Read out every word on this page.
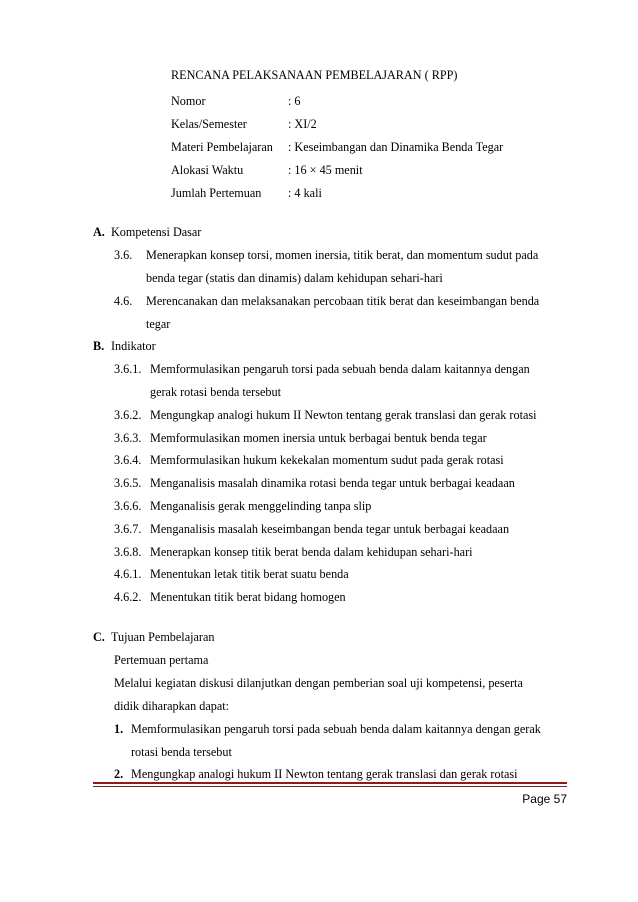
RENCANA PELAKSANAAN PEMBELAJARAN ( RPP)
Nomor	: 6
Kelas/Semester	: XI/2
Materi Pembelajaran : Keseimbangan dan Dinamika Benda Tegar
Alokasi Waktu	: 16 × 45 menit
Jumlah Pertemuan : 4 kali
A. Kompetensi Dasar
3.6. Menerapkan konsep torsi, momen inersia, titik berat, dan momentum sudut pada
benda tegar (statis dan dinamis) dalam kehidupan sehari-hari
4.6. Merencanakan dan melaksanakan percobaan titik berat dan keseimbangan benda
tegar
B. Indikator
3.6.1. Memformulasikan pengaruh torsi pada sebuah benda dalam kaitannya dengan
gerak rotasi benda tersebut
3.6.2. Mengungkap analogi hukum II Newton tentang gerak translasi dan gerak rotasi
3.6.3. Memformulasikan momen inersia untuk berbagai bentuk benda tegar
3.6.4. Memformulasikan hukum kekekalan momentum sudut pada gerak rotasi
3.6.5. Menganalisis masalah dinamika rotasi benda tegar untuk berbagai keadaan
3.6.6. Menganalisis gerak menggelinding tanpa slip
3.6.7. Menganalisis masalah keseimbangan benda tegar untuk berbagai keadaan
3.6.8. Menerapkan konsep titik berat benda dalam kehidupan sehari-hari
4.6.1. Menentukan letak titik berat suatu benda
4.6.2. Menentukan titik berat bidang homogen
C. Tujuan Pembelajaran
Pertemuan pertama
Melalui kegiatan diskusi dilanjutkan dengan pemberian soal uji kompetensi, peserta
didik diharapkan dapat:
1. Memformulasikan pengaruh torsi pada sebuah benda dalam kaitannya dengan gerak
rotasi benda tersebut
2. Mengungkap analogi hukum II Newton tentang gerak translasi dan gerak rotasi
Page 57
